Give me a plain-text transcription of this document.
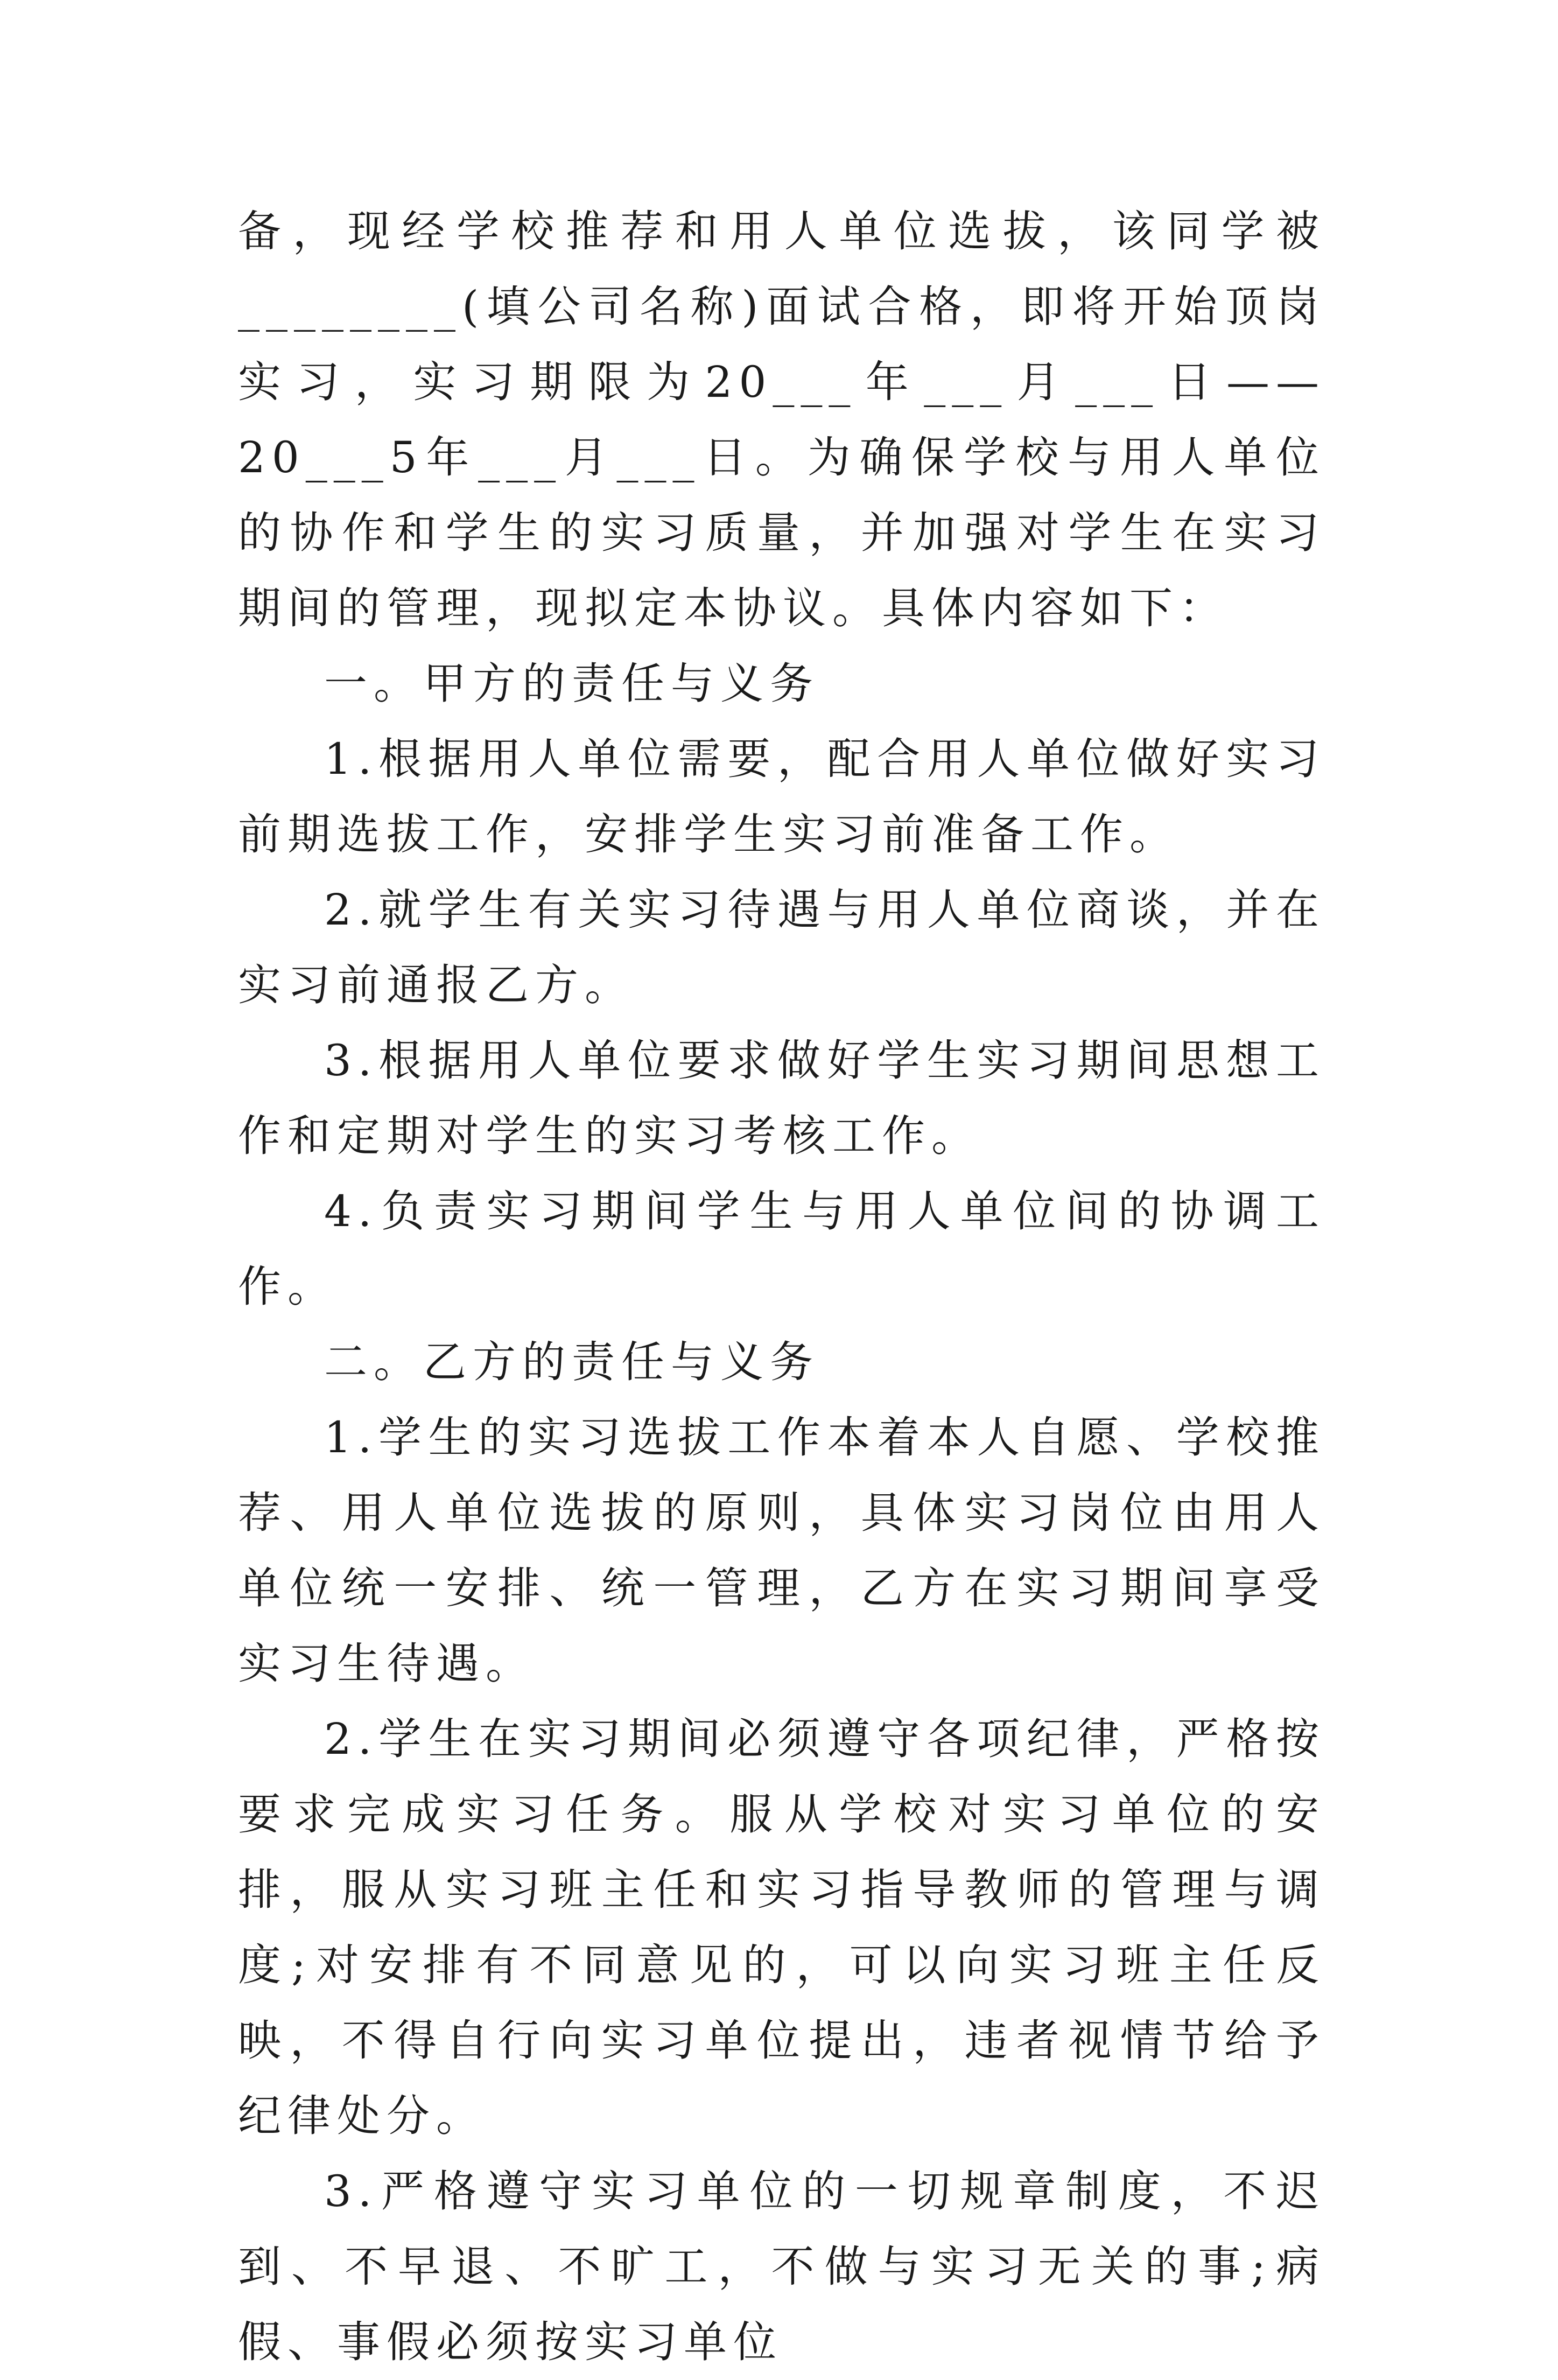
备，现经学校推荐和用人单位选拔，该同学被________(填公司名称)面试合格，即将开始顶岗实习，实习期限为20___年___月___日——20___5年___月___日。为确保学校与用人单位的协作和学生的实习质量，并加强对学生在实习期间的管理，现拟定本协议。具体内容如下：

一。甲方的责任与义务

1.根据用人单位需要，配合用人单位做好实习前期选拔工作，安排学生实习前准备工作。

2.就学生有关实习待遇与用人单位商谈，并在实习前通报乙方。

3.根据用人单位要求做好学生实习期间思想工作和定期对学生的实习考核工作。

4.负责实习期间学生与用人单位间的协调工作。

二。乙方的责任与义务

1.学生的实习选拔工作本着本人自愿、学校推荐、用人单位选拔的原则，具体实习岗位由用人单位统一安排、统一管理，乙方在实习期间享受实习生待遇。

2.学生在实习期间必须遵守各项纪律，严格按要求完成实习任务。服从学校对实习单位的安排，服从实习班主任和实习指导教师的管理与调度;对安排有不同意见的，可以向实习班主任反映，不得自行向实习单位提出，违者视情节给予纪律处分。

3.严格遵守实习单位的一切规章制度，不迟到、不早退、不旷工，不做与实习无关的事;病假、事假必须按实习单位
